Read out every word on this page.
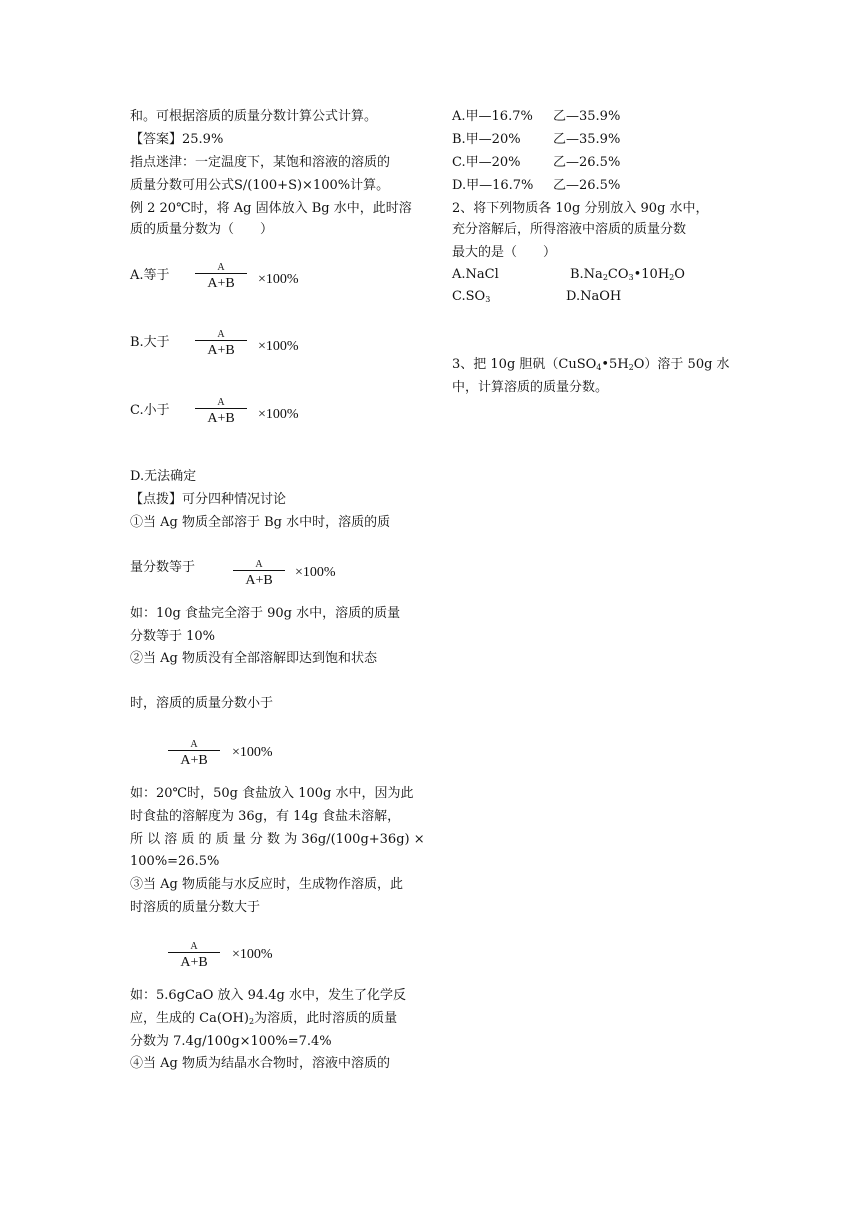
和。可根据溶质的质量分数计算公式计算。
【答案】25.9%
指点迷津：一定温度下，某饱和溶液的溶质的
质量分数可用公式S/(100+S)×100%计算。
例 2 20℃时，将 Ag 固体放入 Bg 水中，此时溶
质的质量分数为（　　）
A.等于
A
A+B	×100%
B.大于
A
A+B	×100%
C.小于
A
A+B	×100%
D.无法确定
【点拨】可分四种情况讨论
①当 Ag 物质全部溶于 Bg 水中时，溶质的质
量分数等于	A
A+B
×100%
如：10g 食盐完全溶于 90g 水中，溶质的质量
分数等于 10%
②当 Ag 物质没有全部溶解即达到饱和状态
时，溶质的质量分数小于
A
A+B
×100%
如：20℃时，50g 食盐放入 100g 水中，因为此
时食盐的溶解度为 36g，有 14g 食盐未溶解，
所 以 溶 质 的 质 量 分 数 为 36g/(100g+36g) ×
100%=26.5%
③当 Ag 物质能与水反应时，生成物作溶质，此
时溶质的质量分数大于
A
A+B
×100%
如：5.6gCaO 放入 94.4g 水中，发生了化学反
应，生成的 $Ca(OH)_2$为溶质，此时溶质的质量
分数为 7.4g/100g×100%=7.4%
④当 Ag 物质为结晶水合物时，溶液中溶质的
A.甲—16.7% 乙—35.9%
B.甲—20% 乙—35.9%
C.甲—20% 乙—26.5%
D.甲—16.7% 乙—26.5%
2、将下列物质各 10g 分别放入 90g 水中，
充分溶解后，所得溶液中溶质的质量分数
最大的是（　　）
A.NaCl	$B.Na_2CO_3•10H_2O$
$C.SO_3$	D.NaOH
3、把 10g 胆矾$(CuSO_4•5H_2O)$溶于 50g 水
中，计算溶质的质量分数。
